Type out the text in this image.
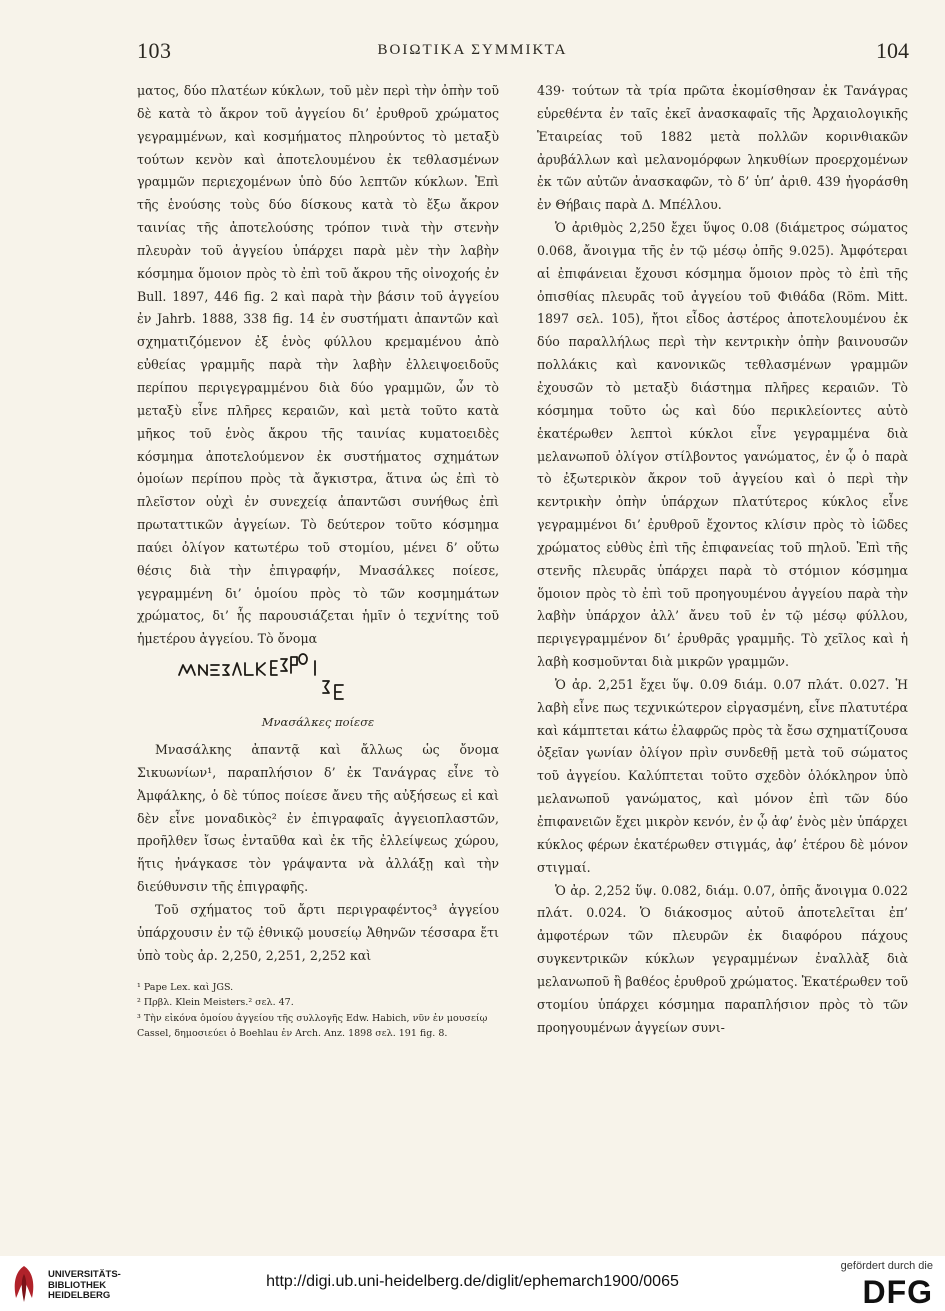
103	ΒΟΙΩΤΙΚΑ ΣΥΜΜΙΚΤΑ	104

ματος, δύο πλατέων κύκλων, τοῦ μὲν περὶ τὴν ὀπὴν τοῦ δὲ κατὰ τὸ ἄκρον τοῦ ἀγγείου δι’ ἐρυθροῦ χρώματος γεγραμμένων, καὶ κοσμήματος πληρούντος τὸ μεταξὺ τούτων κενὸν καὶ ἀποτελουμένου ἐκ τεθλασμένων γραμμῶν περιεχομένων ὑπὸ δύο λεπτῶν κύκλων. Ἐπὶ τῆς ἑνούσης τοὺς δύο δίσκους κατὰ τὸ ἔξω ἄκρον ταινίας τῆς ἀποτελούσης τρόπον τινὰ τὴν στενὴν πλευρὰν τοῦ ἀγγείου ὑπάρχει παρὰ μὲν τὴν λαβὴν κόσμημα ὅμοιον πρὸς τὸ ἐπὶ τοῦ ἄκρου τῆς οἰνοχοής ἐν Bull. 1897, 446 fig. 2 καὶ παρὰ τὴν βάσιν τοῦ ἀγγείου ἐν Jahrb. 1888, 338 fig. 14 ἐν συστήματι ἀπαντῶν καὶ σχηματιζόμενον ἐξ ἑνὸς φύλλου κρεμαμένου ἀπὸ εὐθείας γραμμῆς παρὰ τὴν λαβὴν ἐλλειψοειδοῦς περίπου περιγεγραμμένου διὰ δύο γραμμῶν, ὧν τὸ μεταξὺ εἶνε πλῆρες κεραιῶν, καὶ μετὰ τοῦτο κατὰ μῆκος τοῦ ἑνὸς ἄκρου τῆς ταινίας κυματοειδὲς κόσμημα ἀποτελούμενον ἐκ συστήματος σχημάτων ὁμοίων περίπου πρὸς τὰ ἄγκιστρα, ἅτινα ὡς ἐπὶ τὸ πλεῖστον οὐχὶ ἐν συνεχείᾳ ἀπαντῶσι συνήθως ἐπὶ πρωταττικῶν ἀγγείων. Τὸ δεύτερον τοῦτο κόσμημα παύει ὀλίγον κατωτέρω τοῦ στομίου, μένει δ’ οὕτω θέσις διὰ τὴν ἐπιγραφήν, Μνασάλκες ποίεσε, γεγραμμένη δι’ ὁμοίου πρὸς τὸ τῶν κοσμημάτων χρώματος, δι’ ἧς παρουσιάζεται ἡμῖν ὁ τεχνίτης τοῦ ἡμετέρου ἀγγείου. Τὸ ὄνομα

Μνασάλκες ποίεσε

Μνασάλκης ἀπαντᾷ καὶ ἄλλως ὡς ὄνομα Σικυωνίων¹, παραπλήσιον δ’ ἐκ Τανάγρας εἶνε τὸ Ἀμφάλκης, ὁ δὲ τύπος ποίεσε ἄνευ τῆς αὐξήσεως εἰ καὶ δὲν εἶνε μοναδικὸς² ἐν ἐπιγραφαῖς ἀγγειοπλαστῶν, προῆλθεν ἴσως ἐνταῦθα καὶ ἐκ τῆς ἐλλείψεως χώρου, ἥτις ἠνάγκασε τὸν γράψαντα νὰ ἀλλάξῃ καὶ τὴν διεύθυνσιν τῆς ἐπιγραφῆς.

Τοῦ σχήματος τοῦ ἄρτι περιγραφέντος³ ἀγγείου ὑπάρχουσιν ἐν τῷ ἐθνικῷ μουσείῳ Ἀθηνῶν τέσσαρα ἔτι ὑπὸ τοὺς ἀρ. 2,250, 2,251, 2,252 καὶ

¹ Pape Lex. καὶ JGS.
² Πρβλ. Klein Meisters.² σελ. 47.
³ Τὴν εἰκόνα ὁμοίου ἀγγείου τῆς συλλογῆς Edw. Habich, νῦν ἐν μουσείῳ Cassel, δημοσιεύει ὁ Boehlau ἐν Arch. Anz. 1898 σελ. 191 fig. 8.

439· τούτων τὰ τρία πρῶτα ἐκομίσθησαν ἐκ Τανάγρας εὑρεθέντα ἐν ταῖς ἐκεῖ ἀνασκαφαῖς τῆς Ἀρχαιολογικῆς Ἑταιρείας τοῦ 1882 μετὰ πολλῶν κορινθιακῶν ἀρυβάλλων καὶ μελανομόρφων ληκυθίων προερχομένων ἐκ τῶν αὐτῶν ἀνασκαφῶν, τὸ δ’ ὑπ’ ἀριθ. 439 ἠγοράσθη ἐν Θήβαις παρὰ Δ. Μπέλλου.

Ὁ ἀριθμὸς 2,250 ἔχει ὕψος 0.08 (διάμετρος σώματος 0.068, ἄνοιγμα τῆς ἐν τῷ μέσῳ ὀπῆς 9.025). Ἀμφότεραι αἱ ἐπιφάνειαι ἔχουσι κόσμημα ὅμοιον πρὸς τὸ ἐπὶ τῆς ὀπισθίας πλευρᾶς τοῦ ἀγγείου τοῦ Φιθάδα (Röm. Mitt. 1897 σελ. 105), ἤτοι εἶδος ἀστέρος ἀποτελουμένου ἐκ δύο παραλλήλως περὶ τὴν κεντρικὴν ὀπὴν βαινουσῶν πολλάκις καὶ κανονικῶς τεθλασμένων γραμμῶν ἐχουσῶν τὸ μεταξὺ διάστημα πλῆρες κεραιῶν. Τὸ κόσμημα τοῦτο ὡς καὶ δύο περικλείοντες αὐτὸ ἑκατέρωθεν λεπτοὶ κύκλοι εἶνε γεγραμμένα διὰ μελανωποῦ ὀλίγον στίλβοντος γανώματος, ἐν ᾧ ὁ παρὰ τὸ ἐξωτερικὸν ἄκρον τοῦ ἀγγείου καὶ ὁ περὶ τὴν κεντρικὴν ὀπὴν ὑπάρχων πλατύτερος κύκλος εἶνε γεγραμμένοι δι’ ἐρυθροῦ ἔχοντος κλίσιν πρὸς τὸ ἰῶδες χρώματος εὐθὺς ἐπὶ τῆς ἐπιφανείας τοῦ πηλοῦ. Ἐπὶ τῆς στενῆς πλευρᾶς ὑπάρχει παρὰ τὸ στόμιον κόσμημα ὅμοιον πρὸς τὸ ἐπὶ τοῦ προηγουμένου ἀγγείου παρὰ τὴν λαβὴν ὑπάρχον ἀλλ’ ἄνευ τοῦ ἐν τῷ μέσῳ φύλλου, περιγεγραμμένον δι’ ἐρυθρᾶς γραμμῆς. Τὸ χεῖλος καὶ ἡ λαβὴ κοσμοῦνται διὰ μικρῶν γραμμῶν.

Ὁ ἀρ. 2,251 ἔχει ὕψ. 0.09 διάμ. 0.07 πλάτ. 0.027. Ἡ λαβὴ εἶνε πως τεχνικώτερον εἰργασμένη, εἶνε πλατυτέρα καὶ κάμπτεται κάτω ἐλαφρῶς πρὸς τὰ ἔσω σχηματίζουσα ὀξεῖαν γωνίαν ὀλίγον πρὶν συνδεθῇ μετὰ τοῦ σώματος τοῦ ἀγγείου. Καλύπτεται τοῦτο σχεδὸν ὁλόκληρον ὑπὸ μελανωποῦ γανώματος, καὶ μόνον ἐπὶ τῶν δύο ἐπιφανειῶν ἔχει μικρὸν κενόν, ἐν ᾧ ἀφ’ ἑνὸς μὲν ὑπάρχει κύκλος φέρων ἑκατέρωθεν στιγμάς, ἀφ’ ἑτέρου δὲ μόνον στιγμαί.

Ὁ ἀρ. 2,252 ὕψ. 0.082, διάμ. 0.07, ὀπῆς ἄνοιγμα 0.022 πλάτ. 0.024. Ὁ διάκοσμος αὐτοῦ ἀποτελεῖται ἐπ’ ἀμφοτέρων τῶν πλευρῶν ἐκ διαφόρου πάχους συγκεντρικῶν κύκλων γεγραμμένων ἐναλλὰξ διὰ μελανωποῦ ἢ βαθέος ἐρυθροῦ χρώματος. Ἑκατέρωθεν τοῦ στομίου ὑπάρχει κόσμημα παραπλήσιον πρὸς τὸ τῶν προηγουμένων ἀγγείων συνι-

UNIVERSITÄTS-
BIBLIOTHEK
HEIDELBERG
http://digi.ub.uni-heidelberg.de/diglit/ephemarch1900/0065
gefördert durch die
DFG
